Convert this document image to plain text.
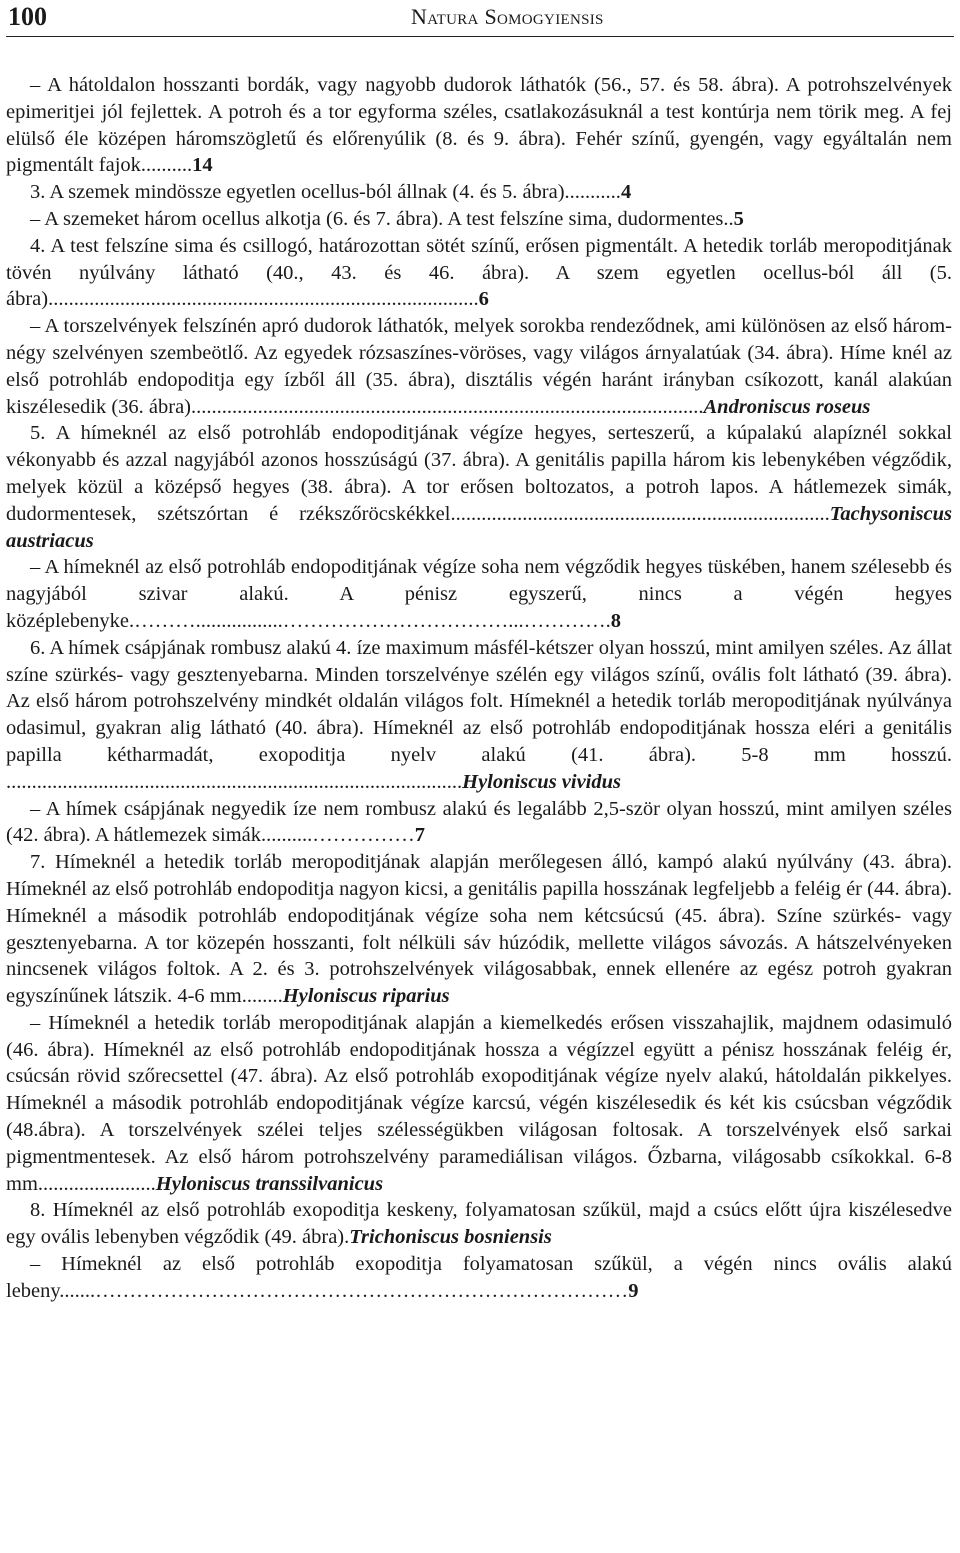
100	Natura Somogyiensis

– A hátoldalon hosszanti bordák, vagy nagyobb dudorok láthatók (56., 57. és 58. ábra). A potrohszelvények epimeritjei jól fejlettek. A potroh és a tor egyforma széles, csatlakozásuknál a test kontúrja nem törik meg. A fej elülső éle középen háromszögletű és előrenyúlik (8. és 9. ábra). Fehér színű, gyengén, vagy egyáltalán nem pigmentált fajok..........14

3. A szemek mindössze egyetlen ocellus-ból állnak (4. és 5. ábra)...........4

– A szemeket három ocellus alkotja (6. és 7. ábra). A test felszíne sima, dudormentes..5

4. A test felszíne sima és csillogó, határozottan sötét színű, erősen pigmentált. A hetedik torláb meropoditjának tövén nyúlvány látható (40., 43. és 46. ábra). A szem egyetlen ocellus-ból áll (5. ábra)....................................................................................6

– A torszelvények felszínén apró dudorok láthatók, melyek sorokba rendeződnek, ami különösen az első három-négy szelvényen szembeötlő. Az egyedek rózsaszínes-vöröses, vagy világos árnyalatúak (34. ábra). Híme knél az első potrohláb endopoditja egy ízből áll (35. ábra), disztális végén haránt irányban csíkozott, kanál alakúan kiszélesedik (36. ábra)....................................................................................................Androniscus roseus

5. A hímeknél az első potrohláb endopoditjának végíze hegyes, serteszerű, a kúpalakú alapíznél sokkal vékonyabb és azzal nagyjából azonos hosszúságú (37. ábra). A genitális papilla három kis lebenykében végződik, melyek közül a középső hegyes (38. ábra). A tor erősen boltozatos, a potroh lapos. A hátlemezek simák, dudormentesek, szétszórtan é rzékszőröcskékkel..........................................................................Tachysoniscus austriacus

– A hímeknél az első potrohláb endopoditjának végíze soha nem végződik hegyes tüskében, hanem szélesebb és nagyjából szivar alakú. A pénisz egyszerű, nincs a végén hegyes középlebenyke.……….................……………………………...………….8

6. A hímek csápjának rombusz alakú 4. íze maximum másfél-kétszer olyan hosszú, mint amilyen széles. Az állat színe szürkés- vagy gesztenyebarna. Minden torszelvénye szélén egy világos színű, ovális folt látható (39. ábra). Az első három potrohszelvény mindkét oldalán világos folt. Hímeknél a hetedik torláb meropoditjának nyúlványa odasimul, gyakran alig látható (40. ábra). Hímeknél az első potrohláb endopoditjának hossza eléri a genitális papilla kétharmadát, exopoditja nyelv alakú (41. ábra). 5-8 mm hosszú. .........................................................................................Hyloniscus vividus

– A hímek csápjának negyedik íze nem rombusz alakú és legalább 2,5-ször olyan hosszú, mint amilyen széles (42. ábra). A hátlemezek simák..........……………7

7. Hímeknél a hetedik torláb meropoditjának alapján merőlegesen álló, kampó alakú nyúlvány (43. ábra). Hímeknél az első potrohláb endopoditja nagyon kicsi, a genitális papilla hosszának legfeljebb a feléig ér (44. ábra). Hímeknél a második potrohláb endopoditjának végíze soha nem kétcsúcsú (45. ábra). Színe szürkés- vagy gesztenyebarna. A tor közepén hosszanti, folt nélküli sáv húzódik, mellette világos sávozás. A hátszelvényeken nincsenek világos foltok. A 2. és 3. potrohszelvények világosabbak, ennek ellenére az egész potroh gyakran egyszínűnek látszik. 4-6 mm........Hyloniscus riparius

– Hímeknél a hetedik torláb meropoditjának alapján a kiemelkedés erősen visszahajlik, majdnem odasimuló (46. ábra). Hímeknél az első potrohláb endopoditjának hossza a végízzel együtt a pénisz hosszának feléig ér, csúcsán rövid szőrecsettel (47. ábra). Az első potrohláb exopoditjának végíze nyelv alakú, hátoldalán pikkelyes. Hímeknél a második potrohláb endopoditjának végíze karcsú, végén kiszélesedik és két kis csúcsban végződik (48.ábra). A torszelvények szélei teljes szélességükben világosan foltosak. A torszelvények első sarkai pigmentmentesek. Az első három potrohszelvény paramediálisan világos. Őzbarna, világosabb csíkokkal. 6-8 mm.......................Hyloniscus transsilvanicus

8. Hímeknél az első potrohláb exopoditja keskeny, folyamatosan szűkül, majd a csúcs előtt újra kiszélesedve egy ovális lebenyben végződik (49. ábra).Trichoniscus bosniensis

– Hímeknél az első potrohláb exopoditja folyamatosan szűkül, a végén nincs ovális alakú lebeny.......……………………………………………………………………9
